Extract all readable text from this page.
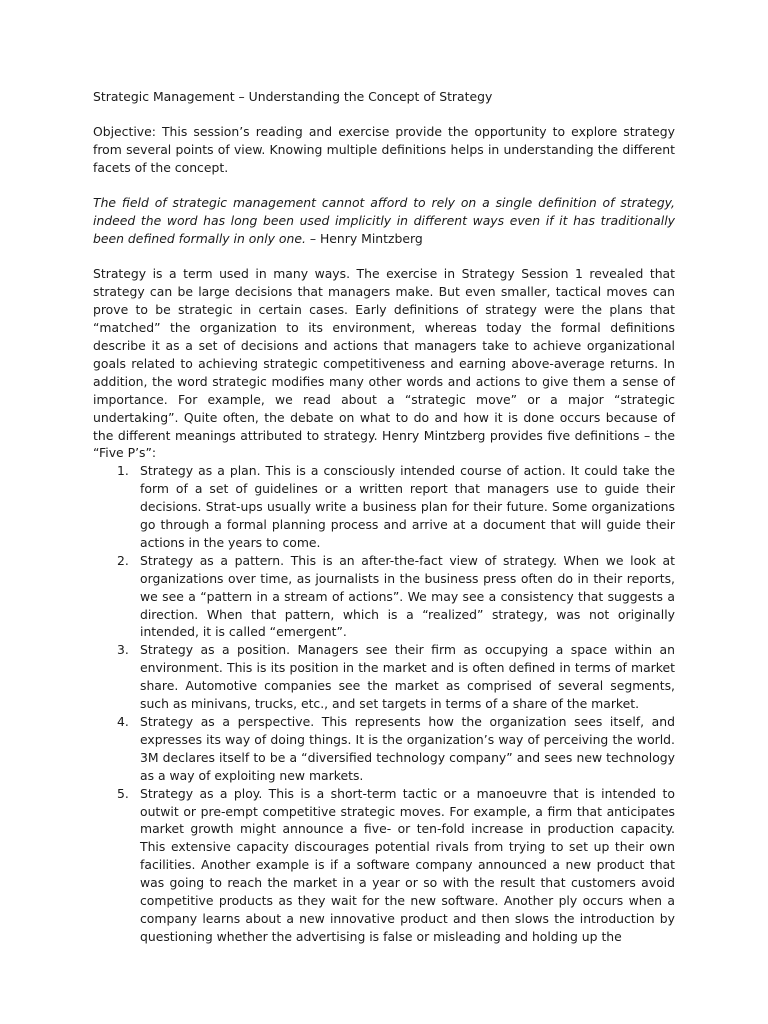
Strategic Management – Understanding the Concept of Strategy

Objective: This session’s reading and exercise provide the opportunity to explore strategy from several points of view. Knowing multiple definitions helps in understanding the different facets of the concept.

The field of strategic management cannot afford to rely on a single definition of strategy, indeed the word has long been used implicitly in different ways even if it has traditionally been defined formally in only one. – Henry Mintzberg

Strategy is a term used in many ways. The exercise in Strategy Session 1 revealed that strategy can be large decisions that managers make. But even smaller, tactical moves can prove to be strategic in certain cases. Early definitions of strategy were the plans that “matched” the organization to its environment, whereas today the formal definitions describe it as a set of decisions and actions that managers take to achieve organizational goals related to achieving strategic competitiveness and earning above-average returns. In addition, the word strategic modifies many other words and actions to give them a sense of importance. For example, we read about a “strategic move” or a major “strategic undertaking”. Quite often, the debate on what to do and how it is done occurs because of the different meanings attributed to strategy. Henry Mintzberg provides five definitions – the “Five P’s”:

1. Strategy as a plan. This is a consciously intended course of action. It could take the form of a set of guidelines or a written report that managers use to guide their decisions. Strat-ups usually write a business plan for their future. Some organizations go through a formal planning process and arrive at a document that will guide their actions in the years to come.
2. Strategy as a pattern. This is an after-the-fact view of strategy. When we look at organizations over time, as journalists in the business press often do in their reports, we see a “pattern in a stream of actions”. We may see a consistency that suggests a direction. When that pattern, which is a “realized” strategy, was not originally intended, it is called “emergent”.
3. Strategy as a position. Managers see their firm as occupying a space within an environment. This is its position in the market and is often defined in terms of market share. Automotive companies see the market as comprised of several segments, such as minivans, trucks, etc., and set targets in terms of a share of the market.
4. Strategy as a perspective. This represents how the organization sees itself, and expresses its way of doing things. It is the organization’s way of perceiving the world. 3M declares itself to be a “diversified technology company” and sees new technology as a way of exploiting new markets.
5. Strategy as a ploy. This is a short-term tactic or a manoeuvre that is intended to outwit or pre-empt competitive strategic moves. For example, a firm that anticipates market growth might announce a five- or ten-fold increase in production capacity. This extensive capacity discourages potential rivals from trying to set up their own facilities. Another example is if a software company announced a new product that was going to reach the market in a year or so with the result that customers avoid competitive products as they wait for the new software. Another ply occurs when a company learns about a new innovative product and then slows the introduction by questioning whether the advertising is false or misleading and holding up the
